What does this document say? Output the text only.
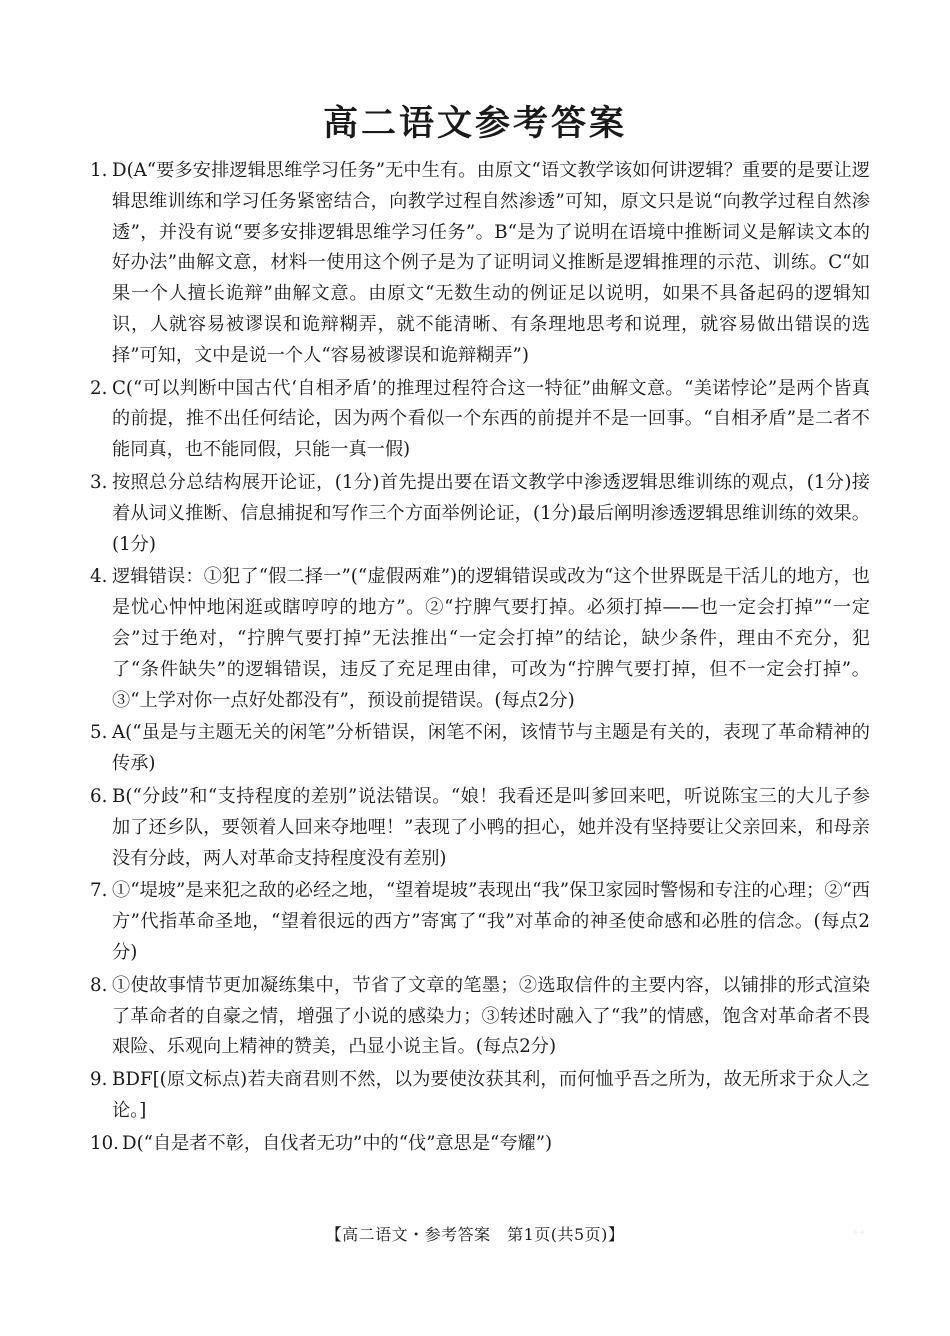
高二语文参考答案
1. D(A“要多安排逻辑思维学习任务”无中生有。由原文“语文教学该如何讲逻辑？重要的是要让逻辑思维训练和学习任务紧密结合，向教学过程自然渗透”可知，原文只是说“向教学过程自然渗透”，并没有说“要多安排逻辑思维学习任务”。B“是为了说明在语境中推断词义是解读文本的好办法”曲解文意，材料一使用这个例子是为了证明词义推断是逻辑推理的示范、训练。C“如果一个人擅长诡辩”曲解文意。由原文“无数生动的例证足以说明，如果不具备起码的逻辑知识，人就容易被谬误和诡辩糊弄，就不能清晰、有条理地思考和说理，就容易做出错误的选择”可知，文中是说一个人“容易被谬误和诡辩糊弄”)
2. C(“可以判断中国古代‘自相矛盾’的推理过程符合这一特征”曲解文意。“美诺悖论”是两个皆真的前提，推不出任何结论，因为两个看似一个东西的前提并不是一回事。“自相矛盾”是二者不能同真，也不能同假，只能一真一假)
3. 按照总分总结构展开论证，(1分)首先提出要在语文教学中渗透逻辑思维训练的观点，(1分)接着从词义推断、信息捕捉和写作三个方面举例论证，(1分)最后阐明渗透逻辑思维训练的效果。(1分)
4. 逻辑错误：①犯了“假二择一”(“虚假两难”)的逻辑错误或改为“这个世界既是干活儿的地方，也是忧心忡忡地闲逛或瞎哼哼的地方”。②“拧脾气要打掉。必须打掉——也一定会打掉”“一定会”过于绝对，“拧脾气要打掉”无法推出“一定会打掉”的结论，缺少条件，理由不充分，犯了“条件缺失”的逻辑错误，违反了充足理由律，可改为“拧脾气要打掉，但不一定会打掉”。③“上学对你一点好处都没有”，预设前提错误。(每点2分)
5. A(“虽是与主题无关的闲笔”分析错误，闲笔不闲，该情节与主题是有关的，表现了革命精神的传承)
6. B(“分歧”和“支持程度的差别”说法错误。“娘！我看还是叫爹回来吧，听说陈宝三的大儿子参加了还乡队，要领着人回来夺地哩！”表现了小鸭的担心，她并没有坚持要让父亲回来，和母亲没有分歧，两人对革命支持程度没有差别)
7. ①“堤坡”是来犯之敌的必经之地，“望着堤坡”表现出“我”保卫家园时警惕和专注的心理；②“西方”代指革命圣地，“望着很远的西方”寄寓了“我”对革命的神圣使命感和必胜的信念。(每点2分)
8. ①使故事情节更加凝练集中，节省了文章的笔墨；②选取信件的主要内容，以铺排的形式渲染了革命者的自豪之情，增强了小说的感染力；③转述时融入了“我”的情感，饱含对革命者不畏艰险、乐观向上精神的赞美，凸显小说主旨。(每点2分)
9. BDF[(原文标点)若夫商君则不然，以为要使汝获其利，而何恤乎吾之所为，故无所求于众人之论。]
10. D(“自是者不彰，自伐者无功”中的“伐”意思是“夸耀”)
【高二语文・参考答案　第1页(共5页)】	⁘⁘
